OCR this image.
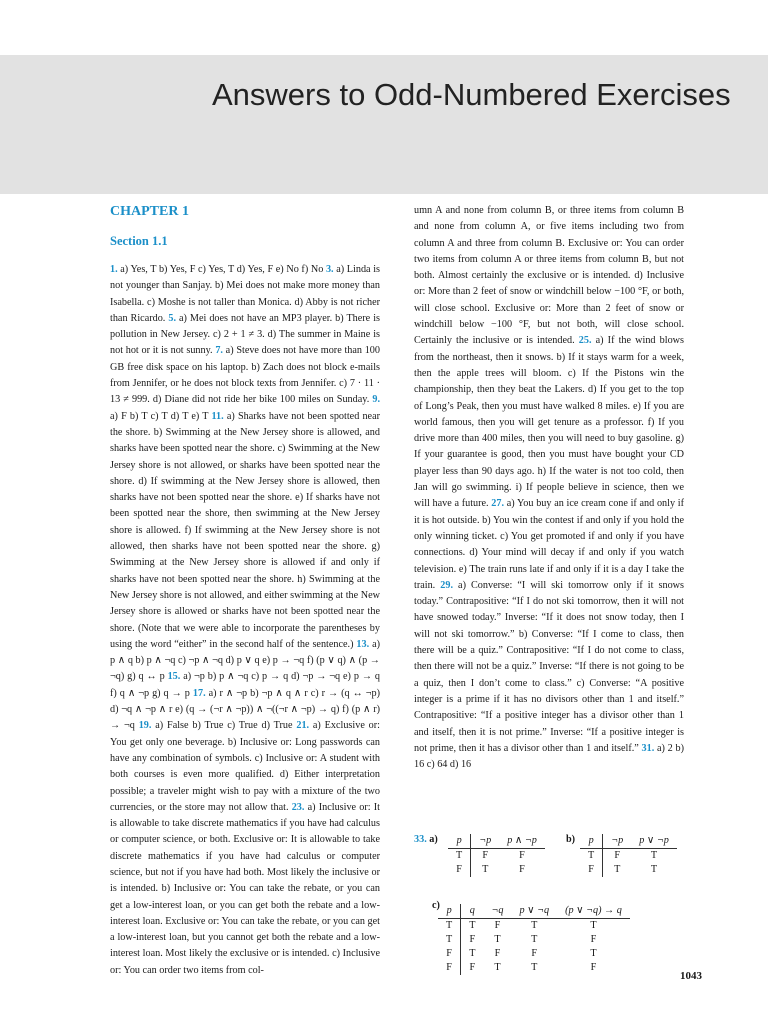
Answers to Odd-Numbered Exercises
CHAPTER 1
Section 1.1

1. a) Yes, T b) Yes, F c) Yes, T d) Yes, F e) No f) No 3. a) Linda is not younger than Sanjay. b) Mei does not make more money than Isabella. c) Moshe is not taller than Monica. d) Abby is not richer than Ricardo. 5. a) Mei does not have an MP3 player. b) There is pollution in New Jersey. c) 2 + 1 ≠ 3. d) The summer in Maine is not hot or it is not sunny. 7. a) Steve does not have more than 100 GB free disk space on his laptop. b) Zach does not block e-mails from Jennifer, or he does not block texts from Jennifer. c) 7 · 11 · 13 ≠ 999. d) Diane did not ride her bike 100 miles on Sunday. 9. a) F b) T c) T d) T e) T 11. a) Sharks have not been spotted near the shore. b) Swimming at the New Jersey shore is allowed, and sharks have been spotted near the shore. c) Swimming at the New Jersey shore is not allowed, or sharks have been spotted near the shore. d) If swimming at the New Jersey shore is allowed, then sharks have not been spotted near the shore. e) If sharks have not been spotted near the shore, then swimming at the New Jersey shore is allowed. f) If swimming at the New Jersey shore is not allowed, then sharks have not been spotted near the shore. g) Swimming at the New Jersey shore is allowed if and only if sharks have not been spotted near the shore. h) Swimming at the New Jersey shore is not allowed, and either swimming at the New Jersey shore is allowed or sharks have not been spotted near the shore. (Note that we were able to incorporate the parentheses by using the word “either” in the second half of the sentence.) 13. a) p ∧ q b) p ∧ ¬q c) ¬p ∧ ¬q d) p ∨ q e) p → ¬q f) (p ∨ q) ∧ (p → ¬q) g) q ↔ p 15. a) ¬p b) p ∧ ¬q c) p → q d) ¬p → ¬q e) p → q f) q ∧ ¬p g) q → p 17. a) r ∧ ¬p b) ¬p ∧ q ∧ r c) r → (q ↔ ¬p) d) ¬q ∧ ¬p ∧ r e) (q → (¬r ∧ ¬p)) ∧ ¬((¬r ∧ ¬p) → q) f) (p ∧ r) → ¬q 19. a) False b) True c) True d) True 21. a) Exclusive or: You get only one beverage. b) Inclusive or: Long passwords can have any combination of symbols. c) Inclusive or: A student with both courses is even more qualified. d) Either interpretation possible; a traveler might wish to pay with a mixture of the two currencies, or the store may not allow that. 23. a) Inclusive or: It is allowable to take discrete mathematics if you have had calculus or computer science, or both. Exclusive or: It is allowable to take discrete mathematics if you have had calculus or computer science, but not if you have had both. Most likely the inclusive or is intended. b) Inclusive or: You can take the rebate, or you can get a low-interest loan, or you can get both the rebate and a low-interest loan. Exclusive or: You can take the rebate, or you can get a low-interest loan, but you cannot get both the rebate and a low-interest loan. Most likely the exclusive or is intended. c) Inclusive or: You can order two items from col-

umn A and none from column B, or three items from column B and none from column A, or five items including two from column A and three from column B. Exclusive or: You can order two items from column A or three items from column B, but not both. Almost certainly the exclusive or is intended. d) Inclusive or: More than 2 feet of snow or windchill below −100 °F, or both, will close school. Exclusive or: More than 2 feet of snow or windchill below −100 °F, but not both, will close school. Certainly the inclusive or is intended. 25. a) If the wind blows from the northeast, then it snows. b) If it stays warm for a week, then the apple trees will bloom. c) If the Pistons win the championship, then they beat the Lakers. d) If you get to the top of Long’s Peak, then you must have walked 8 miles. e) If you are world famous, then you will get tenure as a professor. f) If you drive more than 400 miles, then you will need to buy gasoline. g) If your guarantee is good, then you must have bought your CD player less than 90 days ago. h) If the water is not too cold, then Jan will go swimming. i) If people believe in science, then we will have a future. 27. a) You buy an ice cream cone if and only if it is hot outside. b) You win the contest if and only if you hold the only winning ticket. c) You get promoted if and only if you have connections. d) Your mind will decay if and only if you watch television. e) The train runs late if and only if it is a day I take the train. 29. a) Converse: “I will ski tomorrow only if it snows today.” Contrapositive: “If I do not ski tomorrow, then it will not have snowed today.” Inverse: “If it does not snow today, then I will not ski tomorrow.” b) Converse: “If I come to class, then there will be a quiz.” Contrapositive: “If I do not come to class, then there will not be a quiz.” Inverse: “If there is not going to be a quiz, then I don’t come to class.” c) Converse: “A positive integer is a prime if it has no divisors other than 1 and itself.” Contrapositive: “If a positive integer has a divisor other than 1 and itself, then it is not prime.” Inverse: “If a positive integer is not prime, then it has a divisor other than 1 and itself.” 31. a) 2 b) 16 c) 64 d) 16

33. a) p	¬p	p ∧ ¬p
T	F	F
F	T	F
b) p	¬p	p ∨ ¬p
T	F	T
F	T	T
c) p	q	¬q	p ∨ ¬q	(p ∨ ¬q) → q
T	T	F	T	T
T	F	T	T	F
F	T	F	F	T
F	F	T	T	F
1043
